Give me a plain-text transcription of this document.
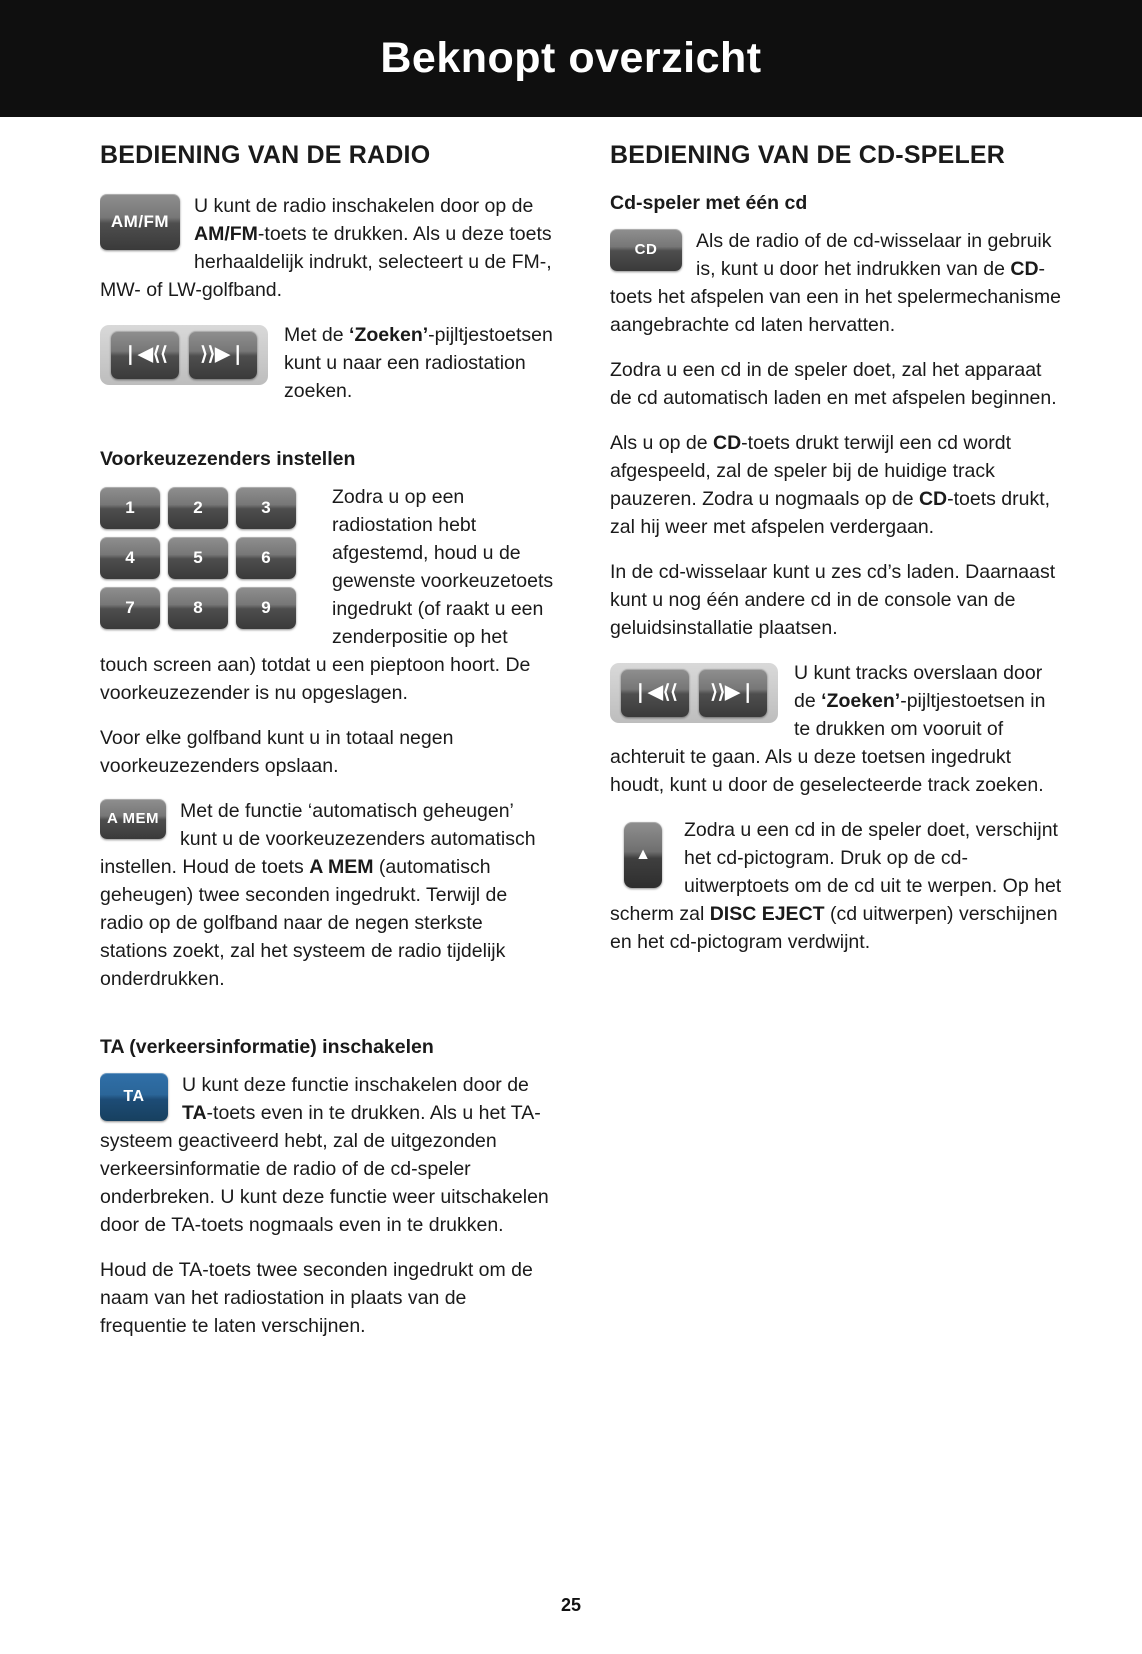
Beknopt overzicht
BEDIENING VAN DE RADIO
AM/FM

U kunt de radio inschakelen door op de AM/FM-toets te drukken. Als u deze toets herhaaldelijk indrukt, selecteert u de FM-, MW- of LW-golfband.

❘◀⟨⟨ ⟩⟩▶❘

Met de ‘Zoeken’-pijltjestoetsen kunt u naar een radiostation zoeken.

Voorkeuzezenders instellen
1	2	3
4	5	6
7	8	9

Zodra u op een radiostation hebt afgestemd, houd u de gewenste voorkeuzetoets ingedrukt (of raakt u een zenderpositie op het touch screen aan) totdat u een pieptoon hoort. De voorkeuzezender is nu opgeslagen.

Voor elke golfband kunt u in totaal negen voorkeuzezenders opslaan.

A MEM	Met de functie ‘automatisch geheugen’ kunt u de voorkeuzezenders automatisch instellen. Houd de toets A MEM (automatisch geheugen) twee seconden ingedrukt. Terwijl de radio op de golfband naar de negen sterkste stations zoekt, zal het systeem de radio tijdelijk onderdrukken.

TA (verkeersinformatie) inschakelen
TA

U kunt deze functie inschakelen door de TA-toets even in te drukken. Als u het TA-systeem geactiveerd hebt, zal de uitgezonden verkeersinformatie de radio of de cd-speler onderbreken. U kunt deze functie weer uitschakelen door de TA-toets nogmaals even in te drukken.

Houd de TA-toets twee seconden ingedrukt om de naam van het radiostation in plaats van de frequentie te laten verschijnen.

BEDIENING VAN DE CD-SPELER
Cd-speler met één cd
CD	Als de radio of de cd-wisselaar in gebruik is, kunt u door het indrukken van de CD-toets het afspelen van een in het spelermechanisme aangebrachte cd laten hervatten.

Zodra u een cd in de speler doet, zal het apparaat de cd automatisch laden en met afspelen beginnen.

Als u op de CD-toets drukt terwijl een cd wordt afgespeeld, zal de speler bij de huidige track pauzeren. Zodra u nogmaals op de CD-toets drukt, zal hij weer met afspelen verdergaan.

In de cd-wisselaar kunt u zes cd’s laden. Daarnaast kunt u nog één andere cd in de console van de geluidsinstallatie plaatsen.

❘◀⟨⟨ ⟩⟩▶❘

U kunt tracks overslaan door de ‘Zoeken’-pijltjestoetsen in te drukken om vooruit of achteruit te gaan. Als u deze toetsen ingedrukt houdt, kunt u door de geselecteerde track zoeken.

▲

Zodra u een cd in de speler doet, verschijnt het cd-pictogram. Druk op de cd-uitwerptoets om de cd uit te werpen. Op het scherm zal DISC EJECT (cd uitwerpen) verschijnen en het cd-pictogram verdwijnt.

25
